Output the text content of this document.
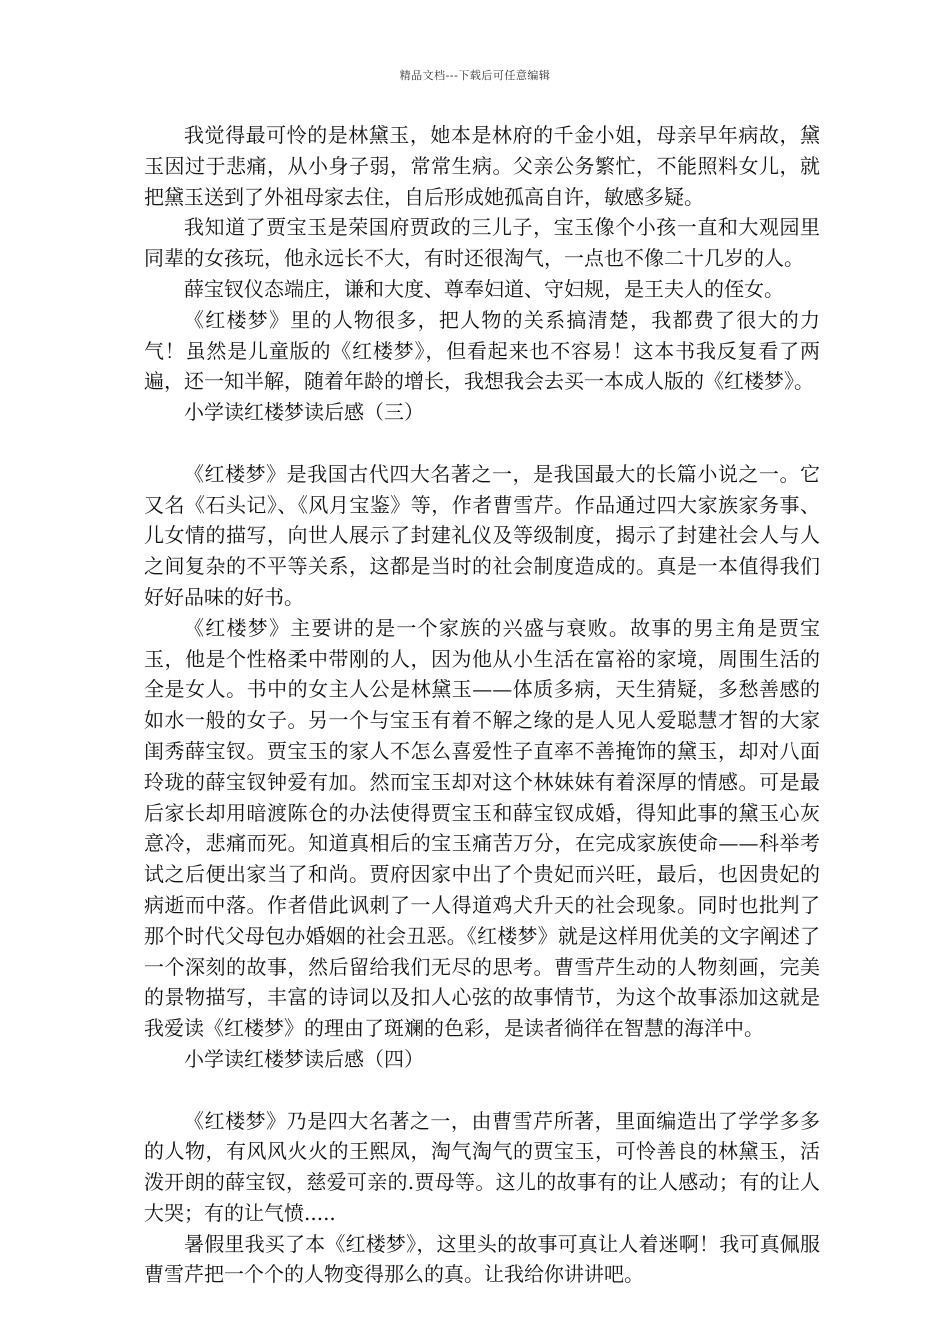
精品文档---下载后可任意编辑

我觉得最可怜的是林黛玉，她本是林府的千金小姐，母亲早年病故，黛玉因过于悲痛，从小身子弱，常常生病。父亲公务繁忙，不能照料女儿，就把黛玉送到了外祖母家去住，自后形成她孤高自许，敏感多疑。

我知道了贾宝玉是荣国府贾政的三儿子，宝玉像个小孩一直和大观园里同辈的女孩玩，他永远长不大，有时还很淘气，一点也不像二十几岁的人。

薛宝钗仪态端庄，谦和大度、尊奉妇道、守妇规，是王夫人的侄女。

《红楼梦》里的人物很多，把人物的关系搞清楚，我都费了很大的力气！虽然是儿童版的《红楼梦》，但看起来也不容易！这本书我反复看了两遍，还一知半解，随着年龄的增长，我想我会去买一本成人版的《红楼梦》。

小学读红楼梦读后感（三）

《红楼梦》是我国古代四大名著之一，是我国最大的长篇小说之一。它又名《石头记》、《风月宝鉴》等，作者曹雪芹。作品通过四大家族家务事、儿女情的描写，向世人展示了封建礼仪及等级制度，揭示了封建社会人与人之间复杂的不平等关系，这都是当时的社会制度造成的。真是一本值得我们好好品味的好书。

《红楼梦》主要讲的是一个家族的兴盛与衰败。故事的男主角是贾宝玉，他是个性格柔中带刚的人，因为他从小生活在富裕的家境，周围生活的全是女人。书中的女主人公是林黛玉——体质多病，天生猜疑，多愁善感的如水一般的女子。另一个与宝玉有着不解之缘的是人见人爱聪慧才智的大家闺秀薛宝钗。贾宝玉的家人不怎么喜爱性子直率不善掩饰的黛玉，却对八面玲珑的薛宝钗钟爱有加。然而宝玉却对这个林妹妹有着深厚的情感。可是最后家长却用暗渡陈仓的办法使得贾宝玉和薛宝钗成婚，得知此事的黛玉心灰意冷，悲痛而死。知道真相后的宝玉痛苦万分，在完成家族使命——科举考试之后便出家当了和尚。贾府因家中出了个贵妃而兴旺，最后，也因贵妃的病逝而中落。作者借此讽刺了一人得道鸡犬升天的社会现象。同时也批判了那个时代父母包办婚姻的社会丑恶。《红楼梦》就是这样用优美的文字阐述了一个深刻的故事，然后留给我们无尽的思考。曹雪芹生动的人物刻画，完美的景物描写，丰富的诗词以及扣人心弦的故事情节，为这个故事添加这就是我爱读《红楼梦》的理由了斑斓的色彩，是读者徜徉在智慧的海洋中。

小学读红楼梦读后感（四）

《红楼梦》乃是四大名著之一，由曹雪芹所著，里面编造出了学学多多的人物，有风风火火的王熙凤，淘气淘气的贾宝玉，可怜善良的林黛玉，活泼开朗的薛宝钗，慈爱可亲的.贾母等。这儿的故事有的让人感动；有的让人大哭；有的让气愤.....

暑假里我买了本《红楼梦》，这里头的故事可真让人着迷啊！我可真佩服曹雪芹把一个个的人物变得那么的真。让我给你讲讲吧。
